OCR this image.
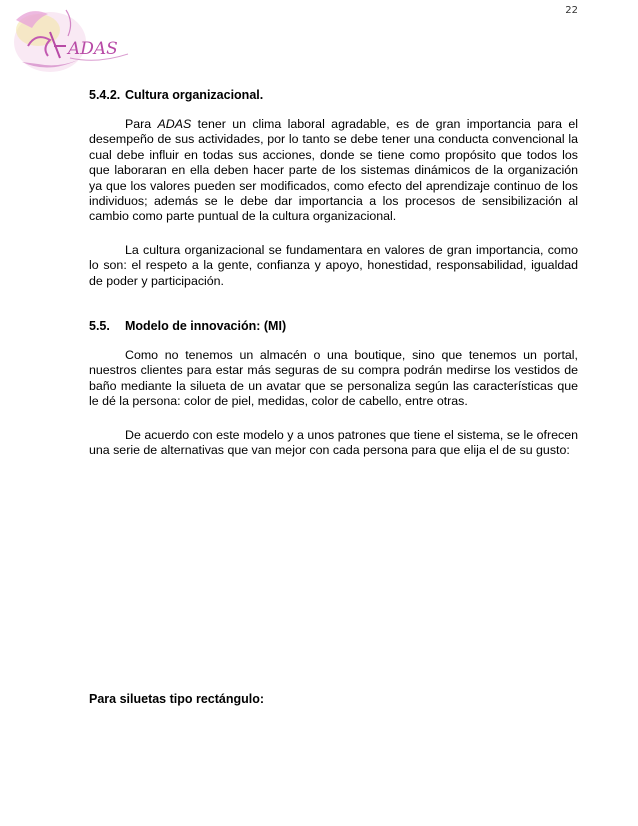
22
ADAS
5.4.2. Cultura organizacional.

Para ADAS tener un clima laboral agradable, es de gran importancia para el desempeño de sus actividades, por lo tanto se debe tener una conducta convencional la cual debe influir en todas sus acciones, donde se tiene como propósito que todos los que laboraran en ella deben hacer parte de los sistemas dinámicos de la organización ya que los valores pueden ser modificados, como efecto del aprendizaje continuo de los individuos; además se le debe dar importancia a los procesos de sensibilización al cambio como parte puntual de la cultura organizacional.

La cultura organizacional se fundamentara en valores de gran importancia, como lo son: el respeto a la gente, confianza y apoyo, honestidad, responsabilidad, igualdad de poder y participación.

5.5.	Modelo de innovación: (MI)

Como no tenemos un almacén o una boutique, sino que tenemos un portal, nuestros clientes para estar más seguras de su compra podrán medirse los vestidos de baño mediante la silueta de un avatar que se personaliza según las características que le dé la persona: color de piel, medidas, color de cabello, entre otras.

De acuerdo con este modelo y a unos patrones que tiene el sistema, se le ofrecen una serie de alternativas que van mejor con cada persona para que elija el de su gusto:

Para siluetas tipo rectángulo:
